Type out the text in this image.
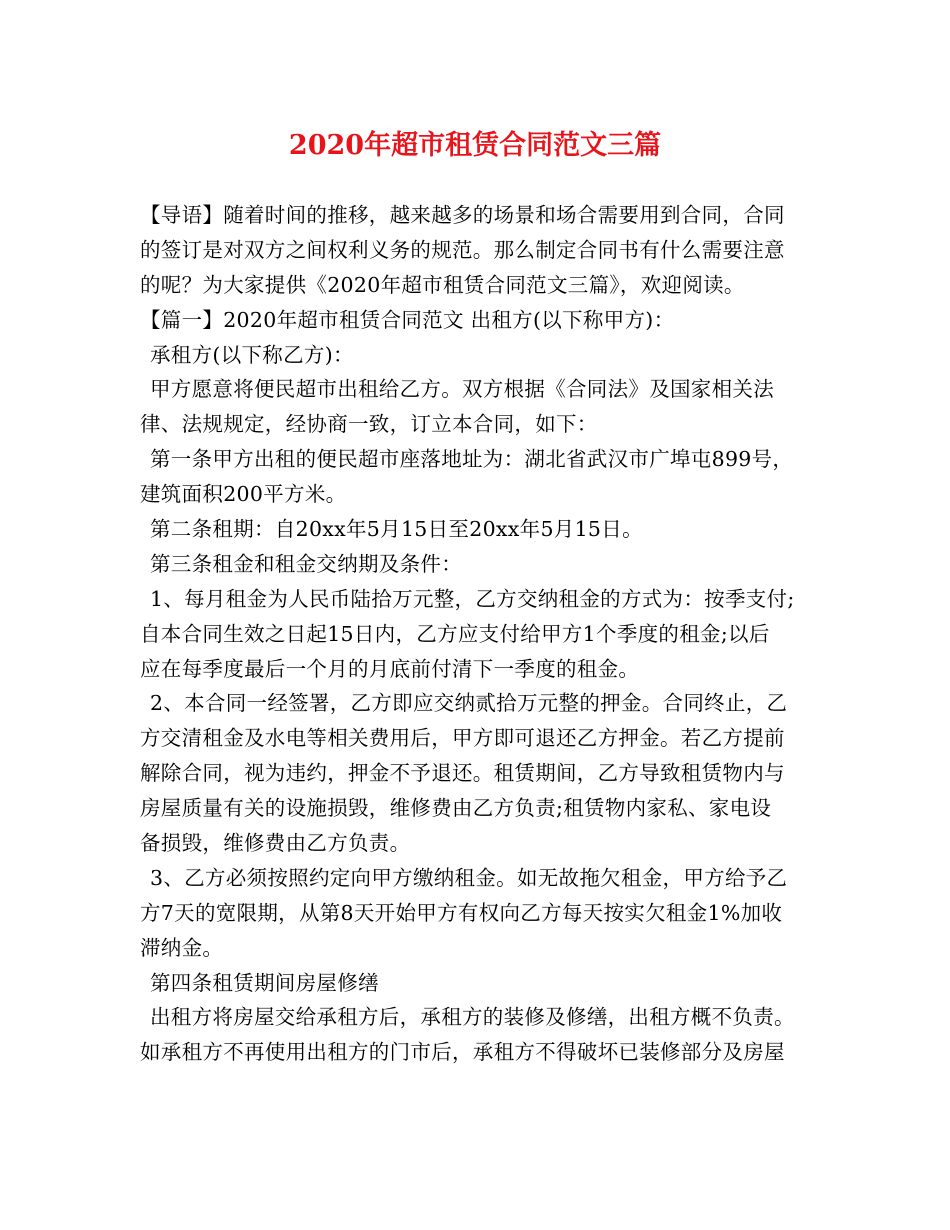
2020年超市租赁合同范文三篇
【导语】随着时间的推移，越来越多的场景和场合需要用到合同，合同
的签订是对双方之间权利义务的规范。那么制定合同书有什么需要注意
的呢？为大家提供《2020年超市租赁合同范文三篇》，欢迎阅读。
【篇一】2020年超市租赁合同范文 出租方(以下称甲方)：
承租方(以下称乙方)：
甲方愿意将便民超市出租给乙方。双方根据《合同法》及国家相关法
律、法规规定，经协商一致，订立本合同，如下：
第一条甲方出租的便民超市座落地址为：湖北省武汉市广埠屯899号，
建筑面积200平方米。
第二条租期：自20xx年5月15日至20xx年5月15日。
第三条租金和租金交纳期及条件：
1、每月租金为人民币陆拾万元整，乙方交纳租金的方式为：按季支付;
自本合同生效之日起15日内，乙方应支付给甲方1个季度的租金;以后
应在每季度最后一个月的月底前付清下一季度的租金。
2、本合同一经签署，乙方即应交纳贰拾万元整的押金。合同终止，乙
方交清租金及水电等相关费用后，甲方即可退还乙方押金。若乙方提前
解除合同，视为违约，押金不予退还。租赁期间，乙方导致租赁物内与
房屋质量有关的设施损毁，维修费由乙方负责;租赁物内家私、家电设
备损毁，维修费由乙方负责。
3、乙方必须按照约定向甲方缴纳租金。如无故拖欠租金，甲方给予乙
方7天的宽限期，从第8天开始甲方有权向乙方每天按实欠租金1%加收
滞纳金。
第四条租赁期间房屋修缮
出租方将房屋交给承租方后，承租方的装修及修缮，出租方概不负责。
如承租方不再使用出租方的门市后，承租方不得破坏已装修部分及房屋
